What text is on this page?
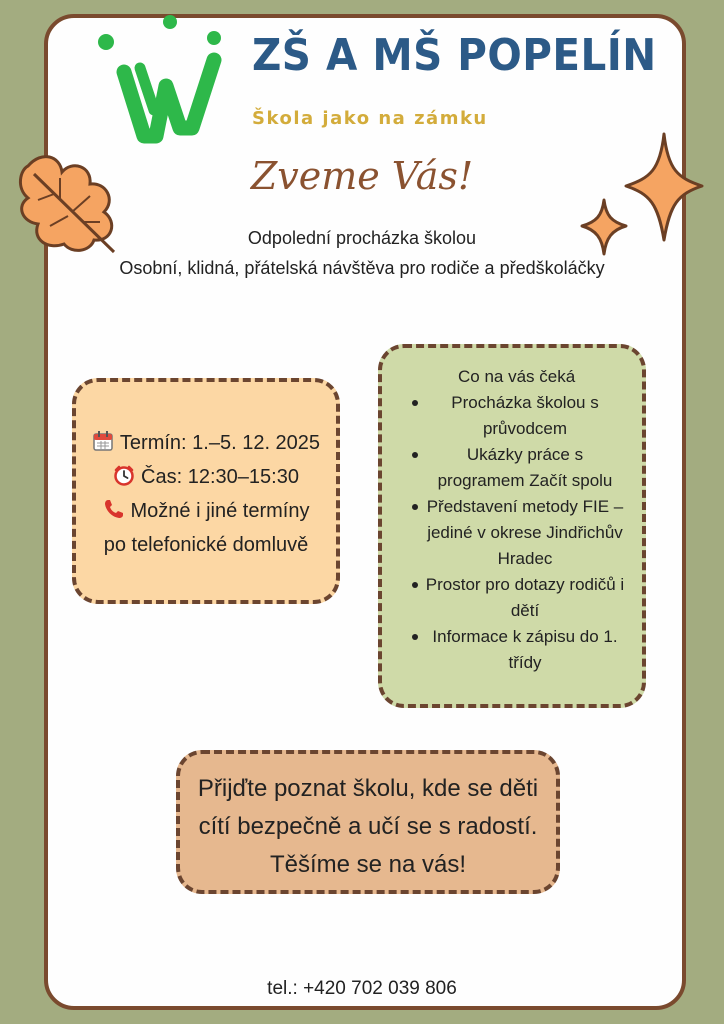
ZŠ A MŠ POPELÍN
Škola jako na zámku
Zveme Vás!
Odpolední procházka školou
Osobní, klidná, přátelská návštěva pro rodiče a předškoláčky
Termín: 1.–5. 12. 2025
Čas: 12:30–15:30
Možné i jiné termíny
po telefonické domluvě
Co na vás čeká
Procházka školou s průvodcem
Ukázky práce s programem Začít spolu
Představení metody FIE – jediné v okrese Jindřichův Hradec
Prostor pro dotazy rodičů i dětí
Informace k zápisu do 1. třídy
Přijďte poznat školu, kde se děti
cítí bezpečně a učí se s radostí.
Těšíme se na vás!
tel.: +420 702 039 806
